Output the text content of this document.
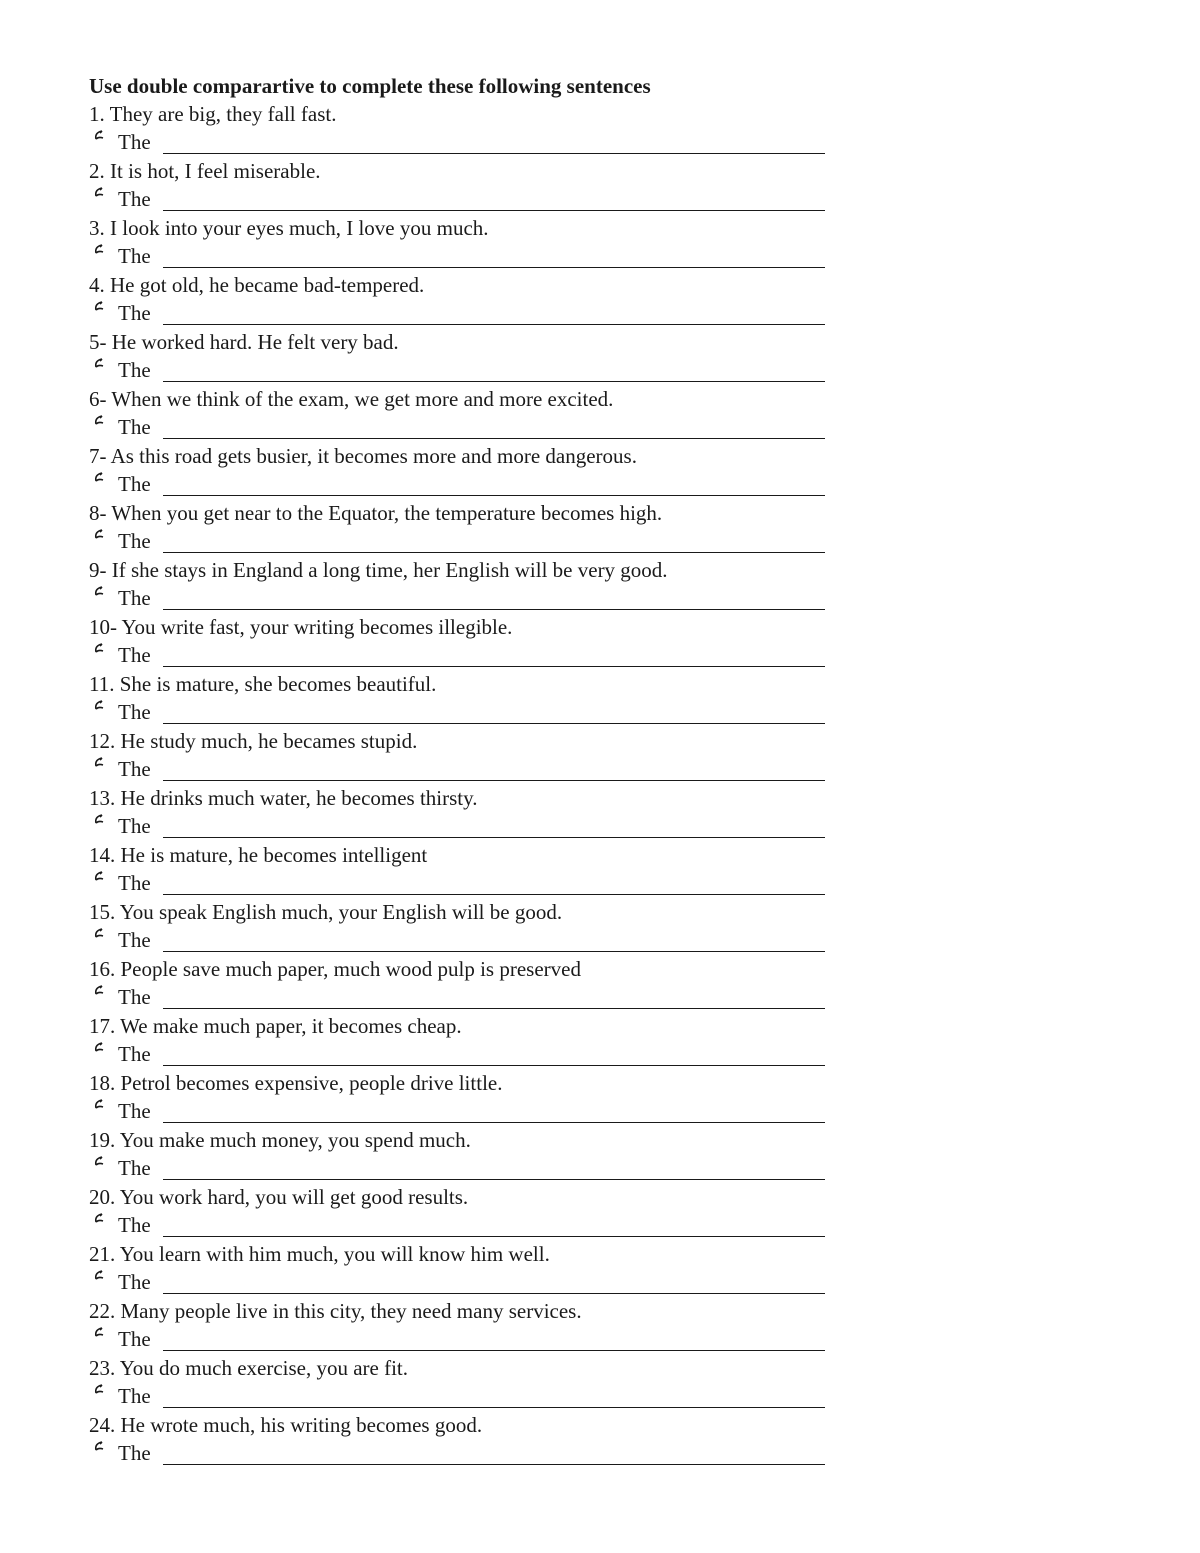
Use double comparartive to complete these following sentences
1. They are big, they fall fast.
The
2. It is hot, I feel miserable.
The
3. I look into your eyes much, I love you much.
The
4. He got old, he became bad-tempered.
The
5- He worked hard. He felt very bad.
The
6- When we think of the exam, we get more and more excited.
The
7- As this road gets busier, it becomes more and more dangerous.
The
8- When you get near to the Equator, the temperature becomes high.
The
9- If she stays in England a long time, her English will be very good.
The
10- You write fast, your writing becomes illegible.
The
11. She is mature, she becomes beautiful.
The
12. He study much, he becames stupid.
The
13. He drinks much water, he becomes thirsty.
The
14. He is mature, he becomes intelligent
The
15. You speak English much, your English will be good.
The
16. People save much paper, much wood pulp is preserved
The
17. We make much paper, it becomes cheap.
The
18. Petrol becomes expensive, people drive little.
The
19. You make much money, you spend much.
The
20. You work hard, you will get good results.
The
21. You learn with him much, you will know him well.
The
22. Many people live in this city, they need many services.
The
23. You do much exercise, you are fit.
The
24. He wrote much, his writing becomes good.
The
